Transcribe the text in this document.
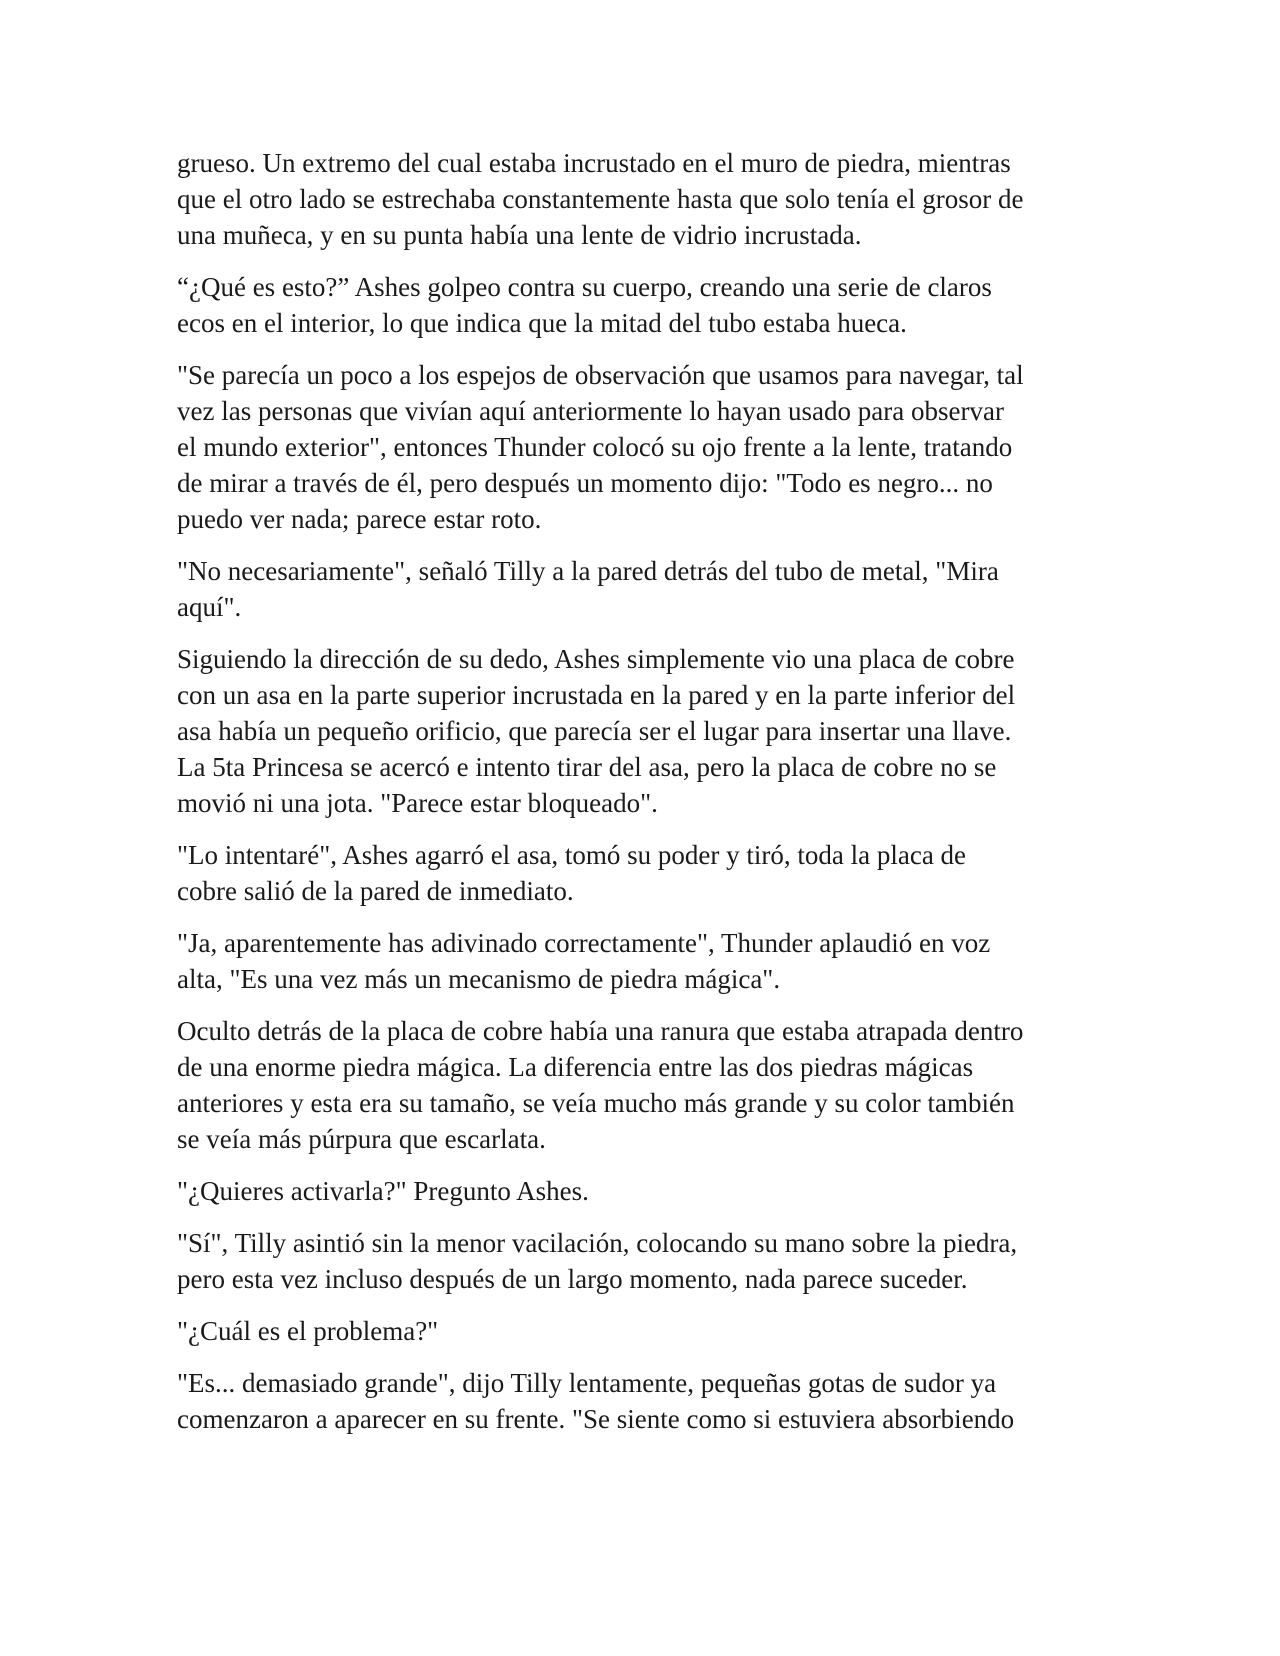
grueso. Un extremo del cual estaba incrustado en el muro de piedra, mientras
que el otro lado se estrechaba constantemente hasta que solo tenía el grosor de
una muñeca, y en su punta había una lente de vidrio incrustada.

“¿Qué es esto?” Ashes golpeo contra su cuerpo, creando una serie de claros
ecos en el interior, lo que indica que la mitad del tubo estaba hueca.

"Se parecía un poco a los espejos de observación que usamos para navegar, tal
vez las personas que vivían aquí anteriormente lo hayan usado para observar
el mundo exterior", entonces Thunder colocó su ojo frente a la lente, tratando
de mirar a través de él, pero después un momento dijo: "Todo es negro... no
puedo ver nada; parece estar roto.

"No necesariamente", señaló Tilly a la pared detrás del tubo de metal, "Mira
aquí".

Siguiendo la dirección de su dedo, Ashes simplemente vio una placa de cobre
con un asa en la parte superior incrustada en la pared y en la parte inferior del
asa había un pequeño orificio, que parecía ser el lugar para insertar una llave.
La 5ta Princesa se acercó e intento tirar del asa, pero la placa de cobre no se
movió ni una jota. "Parece estar bloqueado".

"Lo intentaré", Ashes agarró el asa, tomó su poder y tiró, toda la placa de
cobre salió de la pared de inmediato.

"Ja, aparentemente has adivinado correctamente", Thunder aplaudió en voz
alta, "Es una vez más un mecanismo de piedra mágica".

Oculto detrás de la placa de cobre había una ranura que estaba atrapada dentro
de una enorme piedra mágica. La diferencia entre las dos piedras mágicas
anteriores y esta era su tamaño, se veía mucho más grande y su color también
se veía más púrpura que escarlata.

"¿Quieres activarla?" Pregunto Ashes.

"Sí", Tilly asintió sin la menor vacilación, colocando su mano sobre la piedra,
pero esta vez incluso después de un largo momento, nada parece suceder.

"¿Cuál es el problema?"

"Es... demasiado grande", dijo Tilly lentamente, pequeñas gotas de sudor ya
comenzaron a aparecer en su frente. "Se siente como si estuviera absorbiendo
